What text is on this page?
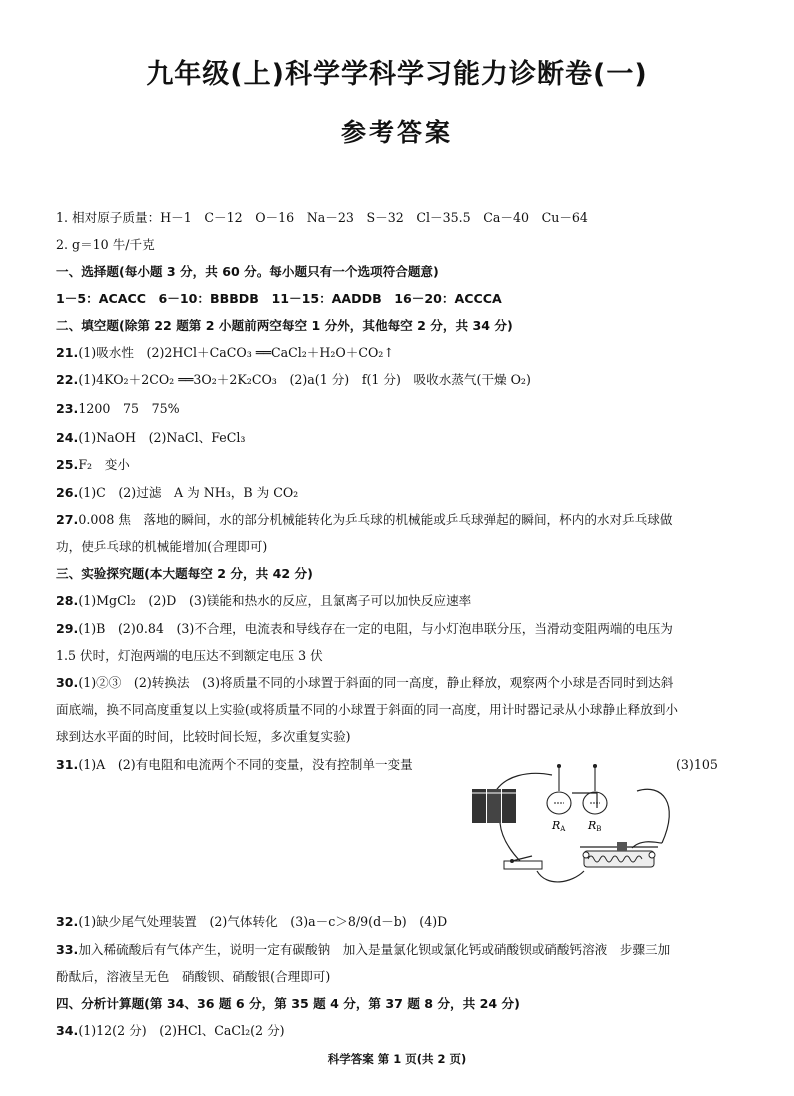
九年级(上)科学学科学习能力诊断卷(一)
参考答案
1. 相对原子质量：H－1　C－12　O－16　Na－23　S－32　Cl－35.5　Ca－40　Cu－64
2. g＝10 牛/千克
一、选择题(每小题 3 分，共 60 分。每小题只有一个选项符合题意)
1－5：ACACC　6－10：BBBDB　11－15：AADDB　16－20：ACCCA
二、填空题(除第 22 题第 2 小题前两空每空 1 分外，其他每空 2 分，共 34 分)
21.(1)吸水性　(2)2HCl＋CaCO₃ ══CaCl₂＋H₂O＋CO₂↑
22.(1)4KO₂＋2CO₂ ══3O₂＋2K₂CO₃　(2)a(1 分)　f(1 分)　吸收水蒸气(干燥 O₂)
23.1200　75　75%
24.(1)NaOH　(2)NaCl、FeCl₃
25.F₂　变小
26.(1)C　(2)过滤　A 为 NH₃，B 为 CO₂
27.0.008 焦　落地的瞬间，水的部分机械能转化为乒乓球的机械能或乒乓球弹起的瞬间，杯内的水对乒乓球做
功，使乒乓球的机械能增加(合理即可)
三、实验探究题(本大题每空 2 分，共 42 分)
28.(1)MgCl₂　(2)D　(3)镁能和热水的反应，且氯离子可以加快反应速率
29.(1)B　(2)0.84　(3)不合理，电流表和导线存在一定的电阻，与小灯泡串联分压，当滑动变阻两端的电压为
1.5 伏时，灯泡两端的电压达不到额定电压 3 伏
30.(1)②③　(2)转换法　(3)将质量不同的小球置于斜面的同一高度，静止释放，观察两个小球是否同时到达斜
面底端，换不同高度重复以上实验(或将质量不同的小球置于斜面的同一高度，用计时器记录从小球静止释放到小
球到达水平面的时间，比较时间长短，多次重复实验)
31.(1)A　(2)有电阻和电流两个不同的变量，没有控制单一变量	(3)105
RA RB
32.(1)缺少尾气处理装置　(2)气体转化　(3)a－c＞8/9(d－b)　(4)D
33.加入稀硫酸后有气体产生，说明一定有碳酸钠　加入是量氯化钡或氯化钙或硝酸钡或硝酸钙溶液　步骤三加
酚酞后，溶液呈无色　硝酸钡、硝酸银(合理即可)
四、分析计算题(第 34、36 题 6 分，第 35 题 4 分，第 37 题 8 分，共 24 分)
34.(1)12(2 分)　(2)HCl、CaCl₂(2 分)
科学答案 第 1 页(共 2 页)
